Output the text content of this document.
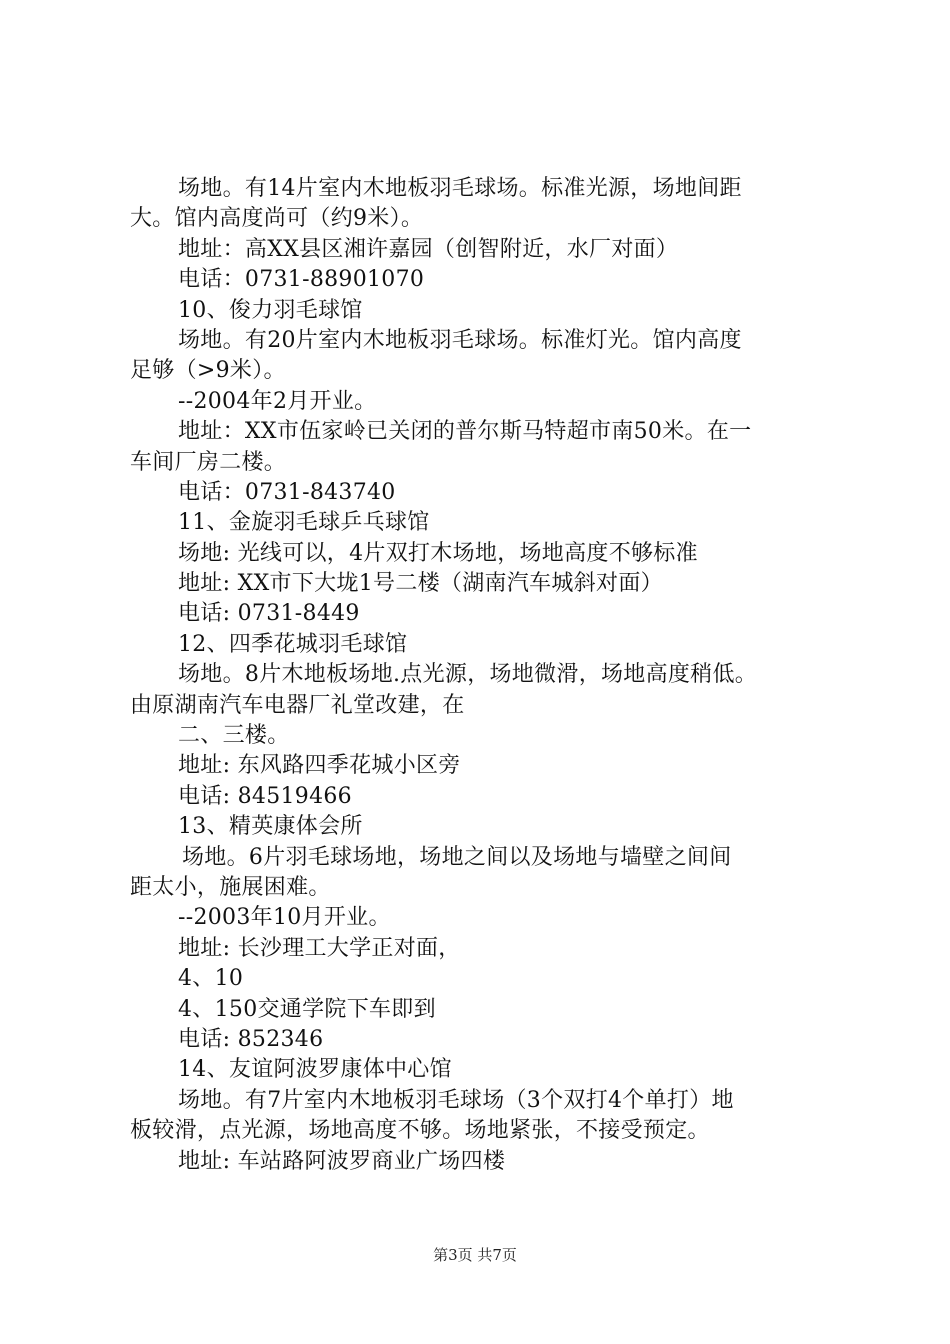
场地。有14片室内木地板羽毛球场。标准光源，场地间距
大。馆内高度尚可（约9米）。
地址：高XX县区湘许嘉园（创智附近，水厂对面）
电话：0731-88901070
10、俊力羽毛球馆
场地。有20片室内木地板羽毛球场。标准灯光。馆内高度
足够（>9米）。
--2004年2月开业。
地址：XX市伍家岭已关闭的普尔斯马特超市南50米。在一
车间厂房二楼。
电话：0731-843740
11、金旋羽毛球乒乓球馆
场地: 光线可以，4片双打木场地，场地高度不够标准
地址: XX市下大垅1号二楼（湖南汽车城斜对面）
电话: 0731-8449
12、四季花城羽毛球馆
场地。8片木地板场地.点光源，场地微滑，场地高度稍低。
由原湖南汽车电器厂礼堂改建，在
二、三楼。
地址: 东风路四季花城小区旁
电话: 84519466
13、精英康体会所
场地。6片羽毛球场地，场地之间以及场地与墙壁之间间
距太小，施展困难。
--2003年10月开业。
地址: 长沙理工大学正对面，
4、10
4、150交通学院下车即到
电话: 852346
14、友谊阿波罗康体中心馆
场地。有7片室内木地板羽毛球场（3个双打4个单打）地
板较滑，点光源，场地高度不够。场地紧张，不接受预定。
地址: 车站路阿波罗商业广场四楼
第3页 共7页
